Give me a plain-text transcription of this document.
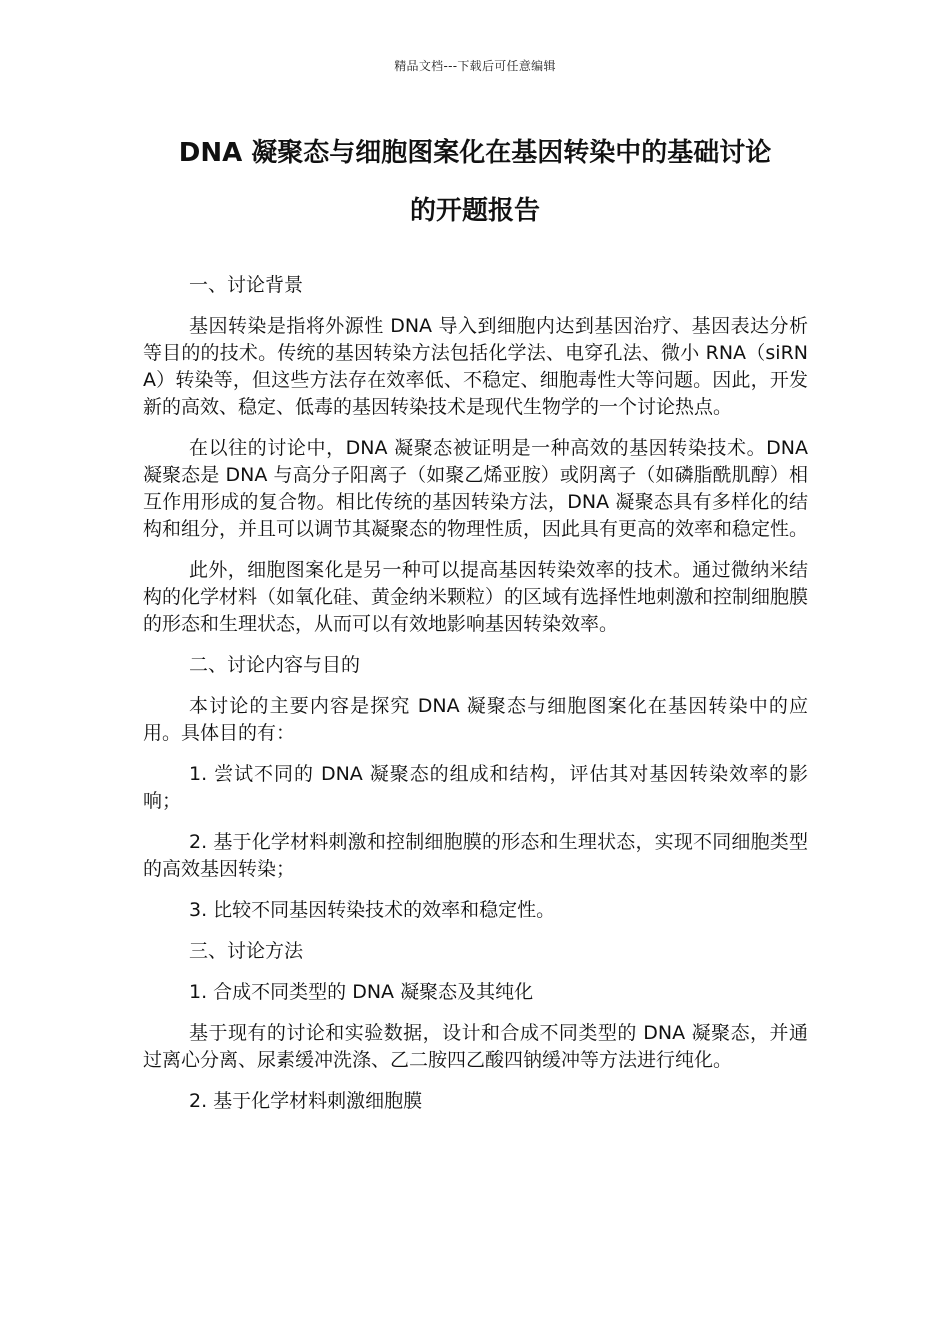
精品文档---下载后可任意编辑
DNA 凝聚态与细胞图案化在基因转染中的基础讨论
的开题报告

一、讨论背景

基因转染是指将外源性 DNA 导入到细胞内达到基因治疗、基因表达分析等目的的技术。传统的基因转染方法包括化学法、电穿孔法、微小 RNA（siRNA）转染等，但这些方法存在效率低、不稳定、细胞毒性大等问题。因此，开发新的高效、稳定、低毒的基因转染技术是现代生物学的一个讨论热点。

在以往的讨论中，DNA 凝聚态被证明是一种高效的基因转染技术。DNA 凝聚态是 DNA 与高分子阳离子（如聚乙烯亚胺）或阴离子（如磷脂酰肌醇）相互作用形成的复合物。相比传统的基因转染方法，DNA 凝聚态具有多样化的结构和组分，并且可以调节其凝聚态的物理性质，因此具有更高的效率和稳定性。

此外，细胞图案化是另一种可以提高基因转染效率的技术。通过微纳米结构的化学材料（如氧化硅、黄金纳米颗粒）的区域有选择性地刺激和控制细胞膜的形态和生理状态，从而可以有效地影响基因转染效率。

二、讨论内容与目的

本讨论的主要内容是探究 DNA 凝聚态与细胞图案化在基因转染中的应用。具体目的有：

1. 尝试不同的 DNA 凝聚态的组成和结构，评估其对基因转染效率的影响；

2. 基于化学材料刺激和控制细胞膜的形态和生理状态，实现不同细胞类型的高效基因转染；

3. 比较不同基因转染技术的效率和稳定性。

三、讨论方法

1. 合成不同类型的 DNA 凝聚态及其纯化

基于现有的讨论和实验数据，设计和合成不同类型的 DNA 凝聚态，并通过离心分离、尿素缓冲洗涤、乙二胺四乙酸四钠缓冲等方法进行纯化。

2. 基于化学材料刺激细胞膜
